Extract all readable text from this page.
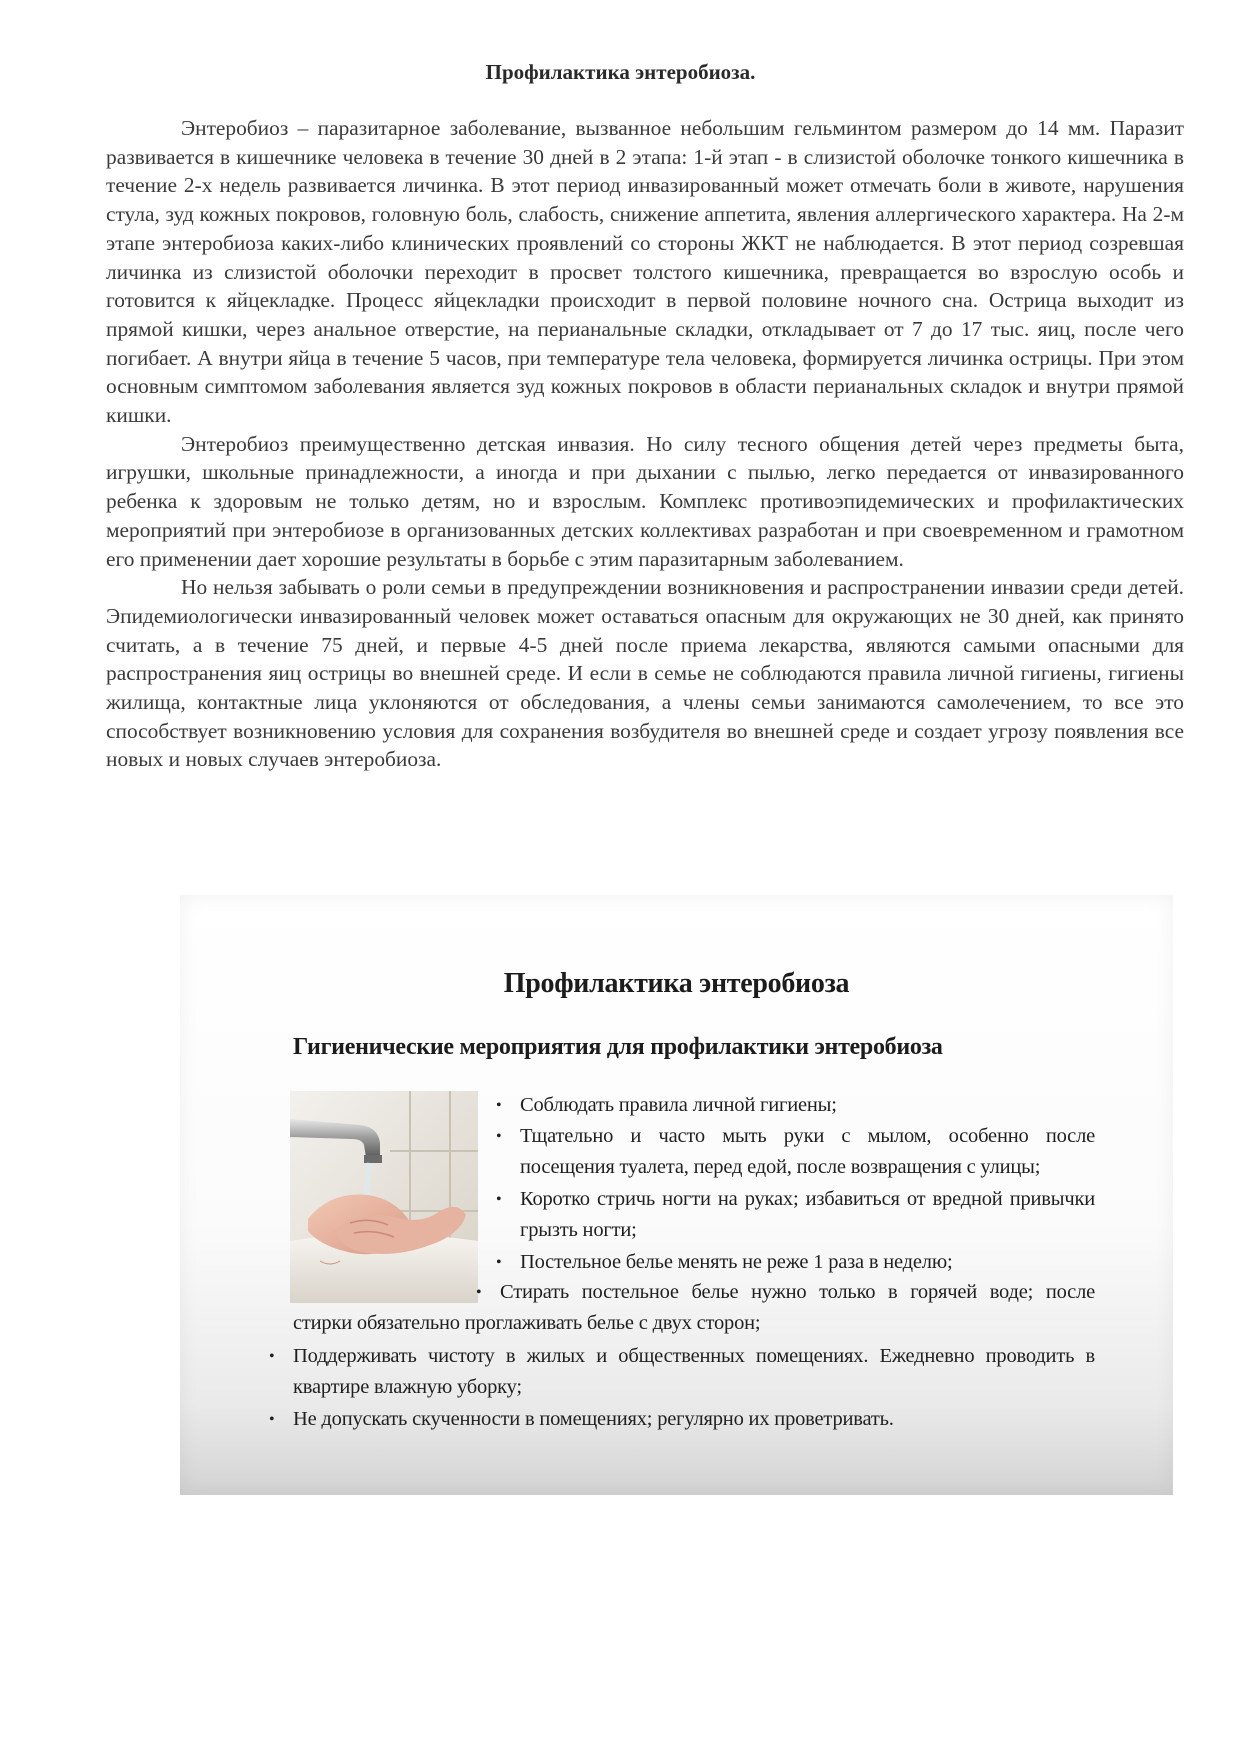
Профилактика энтеробиоза.

Энтеробиоз – паразитарное заболевание, вызванное небольшим гельминтом размером до 14 мм. Паразит развивается в кишечнике человека в течение 30 дней в 2 этапа: 1-й этап - в слизистой оболочке тонкого кишечника в течение 2-х недель развивается личинка. В этот период инвазированный может отмечать боли в животе, нарушения стула, зуд кожных покровов, головную боль, слабость, снижение аппетита, явления аллергического характера. На 2-м этапе энтеробиоза каких-либо клинических проявлений со стороны ЖКТ не наблюдается. В этот период созревшая личинка из слизистой оболочки переходит в просвет толстого кишечника, превращается во взрослую особь и готовится к яйцекладке. Процесс яйцекладки происходит в первой половине ночного сна. Острица выходит из прямой кишки, через анальное отверстие, на перианальные складки, откладывает от 7 до 17 тыс. яиц, после чего погибает. А внутри яйца в течение 5 часов, при температуре тела человека, формируется личинка острицы. При этом основным симптомом заболевания является зуд кожных покровов в области перианальных складок и внутри прямой кишки.

Энтеробиоз преимущественно детская инвазия. Но силу тесного общения детей через предметы быта, игрушки, школьные принадлежности, а иногда и при дыхании с пылью, легко передается от инвазированного ребенка к здоровым не только детям, но и взрослым. Комплекс противоэпидемических и профилактических мероприятий при энтеробиозе в организованных детских коллективах разработан и при своевременном и грамотном его применении дает хорошие результаты в борьбе с этим паразитарным заболеванием.

Но нельзя забывать о роли семьи в предупреждении возникновения и распространении инвазии среди детей. Эпидемиологически инвазированный человек может оставаться опасным для окружающих не 30 дней, как принято считать, а в течение 75 дней, и первые 4-5 дней после приема лекарства, являются самыми опасными для распространения яиц острицы во внешней среде. И если в семье не соблюдаются правила личной гигиены, гигиены жилища, контактные лица уклоняются от обследования, а члены семьи занимаются самолечением, то все это способствует возникновению условия для сохранения возбудителя во внешней среде и создает угрозу появления все новых и новых случаев энтеробиоза.

Профилактика энтеробиоза
Гигиенические мероприятия для профилактики энтеробиоза
• Соблюдать правила личной гигиены;
• Тщательно и часто мыть руки с мылом, особенно после посещения туалета, перед едой, после возвращения с улицы;
• Коротко стричь ногти на руках; избавиться от вредной привычки грызть ногти;
• Постельное белье менять не реже 1 раза в неделю;
• Стирать постельное белье нужно только в горячей воде; после стирки обязательно проглаживать белье с двух сторон;
• Поддерживать чистоту в жилых и общественных помещениях. Ежедневно проводить в квартире влажную уборку;
• Не допускать скученности в помещениях; регулярно их проветривать.
